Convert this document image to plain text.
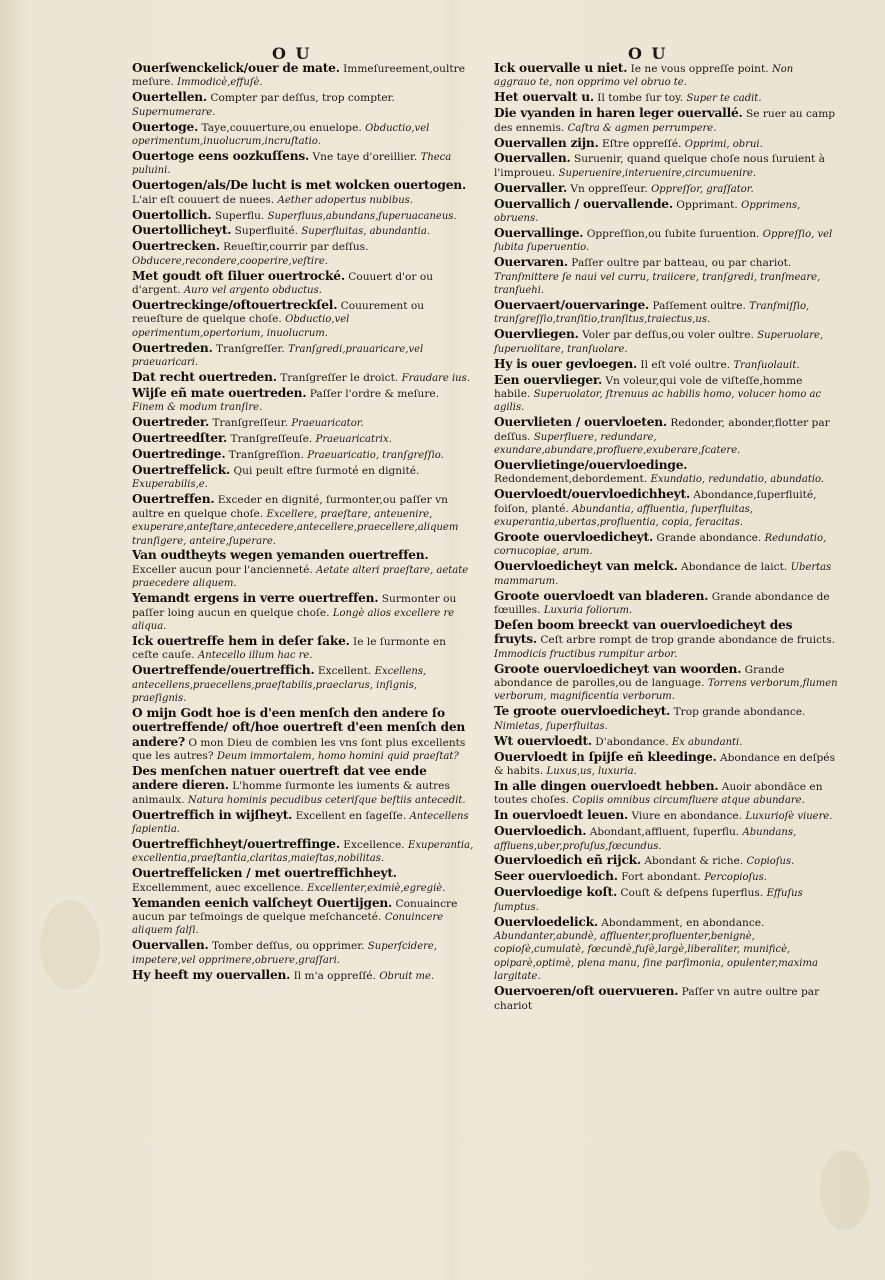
O U	O U
Ouerſwenckelick/ouer de mate. Immeſureement,oultre meſure. Immodicè,effuſè.
Ouertellen. Compter par deſſus, trop compter. Supernumerare.
Ouertoge. Taye,couuerture,ou enuelope. Obductio,vel operimentum,inuolucrum,incruſtatio.
Ouertoge eens oozkuſſens. Vne taye d'oreillier. Theca puluini.
Ouertogen/als/De lucht is met wolcken ouertogen. L'air eſt couuert de nuees. Aether adopertus nubibus.
Ouertollich. Superflu. Superfluus,abundans,ſuperuacaneus.
Ouertollicheyt. Superfluité. Superfluitas, abundantia.
Ouertrecken. Reueſtir,courrir par deſſus. Obducere,recondere,cooperire,veſtire.
Met goudt oft ſiluer ouertrocké. Couuert d'or ou d'argent. Auro vel argento obductus.
Ouertreckinge/oftouertreckſel. Couurement ou reueſture de quelque choſe. Obductio,vel operimentum,opertorium, inuolucrum.
Ouertreden. Tranſgreſſer. Tranſgredi,prauaricare,vel praeuaricari.
Dat recht ouertreden. Tranſgreſſer le droict. Fraudare ius.
Wijſe eñ mate ouertreden. Paſſer l'ordre & meſure. Finem & modum tranſire.
Ouertreder. Tranſgreſſeur. Praeuaricator.
Ouertreedſter. Tranſgreſſeuſe. Praeuaricatrix.
Ouertredinge. Tranſgreſſion. Praeuaricatio, tranſgreſſio.
Ouertreffelick. Qui peult eſtre ſurmoté en dignité. Exuperabilis,e.
Ouertreffen. Exceder en dignité, ſurmonter,ou paſſer vn aultre en quelque choſe. Excellere, praeſtare, anteuenire, exuperare,anteſtare,antecedere,antecellere,praecellere,aliquem tranſigere, anteire,ſuperare.
Van oudtheyts wegen yemanden ouertreffen. Exceller aucun pour l'ancienneté. Aetate alteri praeſtare, aetate praecedere aliquem.
Yemandt ergens in verre ouertreffen. Surmonter ou paſſer loing aucun en quelque choſe. Longè alios excellere re aliqua.
Ick ouertreffe hem in deſer ſake. Ie le ſurmonte en ceſte cauſe. Antecello illum hac re.
Ouertreffende/ouertreffich. Excellent. Excellens, antecellens,praecellens,praeſtabilis,praeclarus, inſignis, praeſignis.
O mijn Godt hoe is d'een menſch den andere ſo ouertreffende/ oft/hoe ouertreft d'een menſch den andere? O mon Dieu de combien les vns ſont plus excellents que les autres? Deum immortalem, homo homini quid praeſtat?
Des menſchen natuer ouertreft dat vee ende andere dieren. L'homme ſurmonte les iuments & autres animaulx. Natura hominis pecudibus ceteriſque beſtiis antecedit.
Ouertreffich in wijſheyt. Excellent en ſageſſe. Antecellens ſapientia.
Ouertreffichheyt/ouertreffinge. Excellence. Exuperantia, excellentia,praeſtantia,claritas,maieſtas,nobilitas.
Ouertreffelicken / met ouertreffichheyt. Excellemment, auec excellence. Excellenter,eximiè,egregiè.
Yemanden eenich valſcheyt Ouertijgen. Conuaincre aucun par teſmoings de quelque meſchanceté. Conuincere aliquem falſi.
Ouervallen. Tomber deſſus, ou opprimer. Superſcidere, impetere,vel opprimere,obruere,graſſari.
Hy heeft my ouervallen. Il m'a oppreſſé. Obruit me.
Ick ouervalle u niet. Ie ne vous oppreſſe point. Non aggrauo te, non opprimo vel obruo te.
Het ouervalt u. Il tombe ſur toy. Super te cadit.
Die vyanden in haren leger ouervallé. Se ruer au camp des ennemis. Caſtra & agmen perrumpere.
Ouervallen zijn. Eſtre oppreſſé. Opprimi, obrui.
Ouervallen. Suruenir, quand quelque choſe nous ſuruient à l'improueu. Superuenire,interuenire,circumuenire.
Ouervaller. Vn oppreſſeur. Oppreſſor, graſſator.
Ouervallich / ouervallende. Opprimant. Opprimens, obruens.
Ouervallinge. Oppreſſion,ou ſubite ſuruention. Oppreſſio, vel ſubita ſuperuentio.
Ouervaren. Paſſer oultre par batteau, ou par chariot. Tranſmittere ſe naui vel curru, traiicere, tranſgredi, tranſmeare, tranſuehi.
Ouervaert/ouervaringe. Paſſement oultre. Tranſmiſſio, tranſgreſſio,tranſitio,tranſitus,traiectus,us.
Ouervliegen. Voler par deſſus,ou voler oultre. Superuolare, ſuperuolitare, tranſuolare.
Hy is ouer gevloegen. Il eſt volé oultre. Tranſuolauit.
Een ouervlieger. Vn voleur,qui vole de viſteſſe,homme habile. Superuolator, ſtrenuus ac habilis homo, volucer homo ac agilis.
Ouervlieten / ouervloeten. Redonder, abonder,flotter par deſſus. Superfluere, redundare, exundare,abundare,profluere,exuberare,ſcatere.
Ouervlietinge/ouervloedinge. Redondement,debordement. Exundatio, redundatio, abundatio.
Ouervloedt/ouervloedichheyt. Abondance,ſuperfluité, foiſon, planté. Abundantia, affluentia, ſuperfluitas, exuperantia,ubertas,profluentia, copia, feracitas.
Groote ouervloedicheyt. Grande abondance. Redundatio, cornucopiae, arum.
Ouervloedicheyt van melck. Abondance de laict. Ubertas mammarum.
Groote ouervloedt van bladeren. Grande abondance de fœuilles. Luxuria foliorum.
Deſen boom breeckt van ouervloedicheyt des fruyts. Ceſt arbre rompt de trop grande abondance de fruicts. Immodicis fructibus rumpitur arbor.
Groote ouervloedicheyt van woorden. Grande abondance de parolles,ou de language. Torrens verborum,flumen verborum, magnificentia verborum.
Te groote ouervloedicheyt. Trop grande abondance. Nimietas, ſuperfluitas.
Wt ouervloedt. D'abondance. Ex abundanti.
Ouervloedt in ſpijſe eñ kleedinge. Abondance en deſpés & habits. Luxus,us, luxuria.
In alle dingen ouervloedt hebben. Auoir abondāce en toutes choſes. Copiis omnibus circumfluere atque abundare.
In ouervloedt leuen. Viure en abondance. Luxurioſè viuere.
Ouervloedich. Abondant,affluent, ſuperflu. Abundans, affluens,uber,profuſus,fœcundus.
Ouervloedich eñ rijck. Abondant & riche. Copioſus.
Seer ouervloedich. Fort abondant. Percopioſus.
Ouervloedige koſt. Couſt & deſpens ſuperflus. Effuſus ſumptus.
Ouervloedelick. Abondamment, en abondance. Abundanter,abundè, affluenter,profluenter,benignè, copioſè,cumulatè, fœcundè,fuſè,largè,liberaliter, munificè, opiparè,optimè, plena manu, ſine parſimonia, opulenter,maxima largitate.
Ouervoeren/oft ouervueren. Paſſer vn autre oultre par chariot
